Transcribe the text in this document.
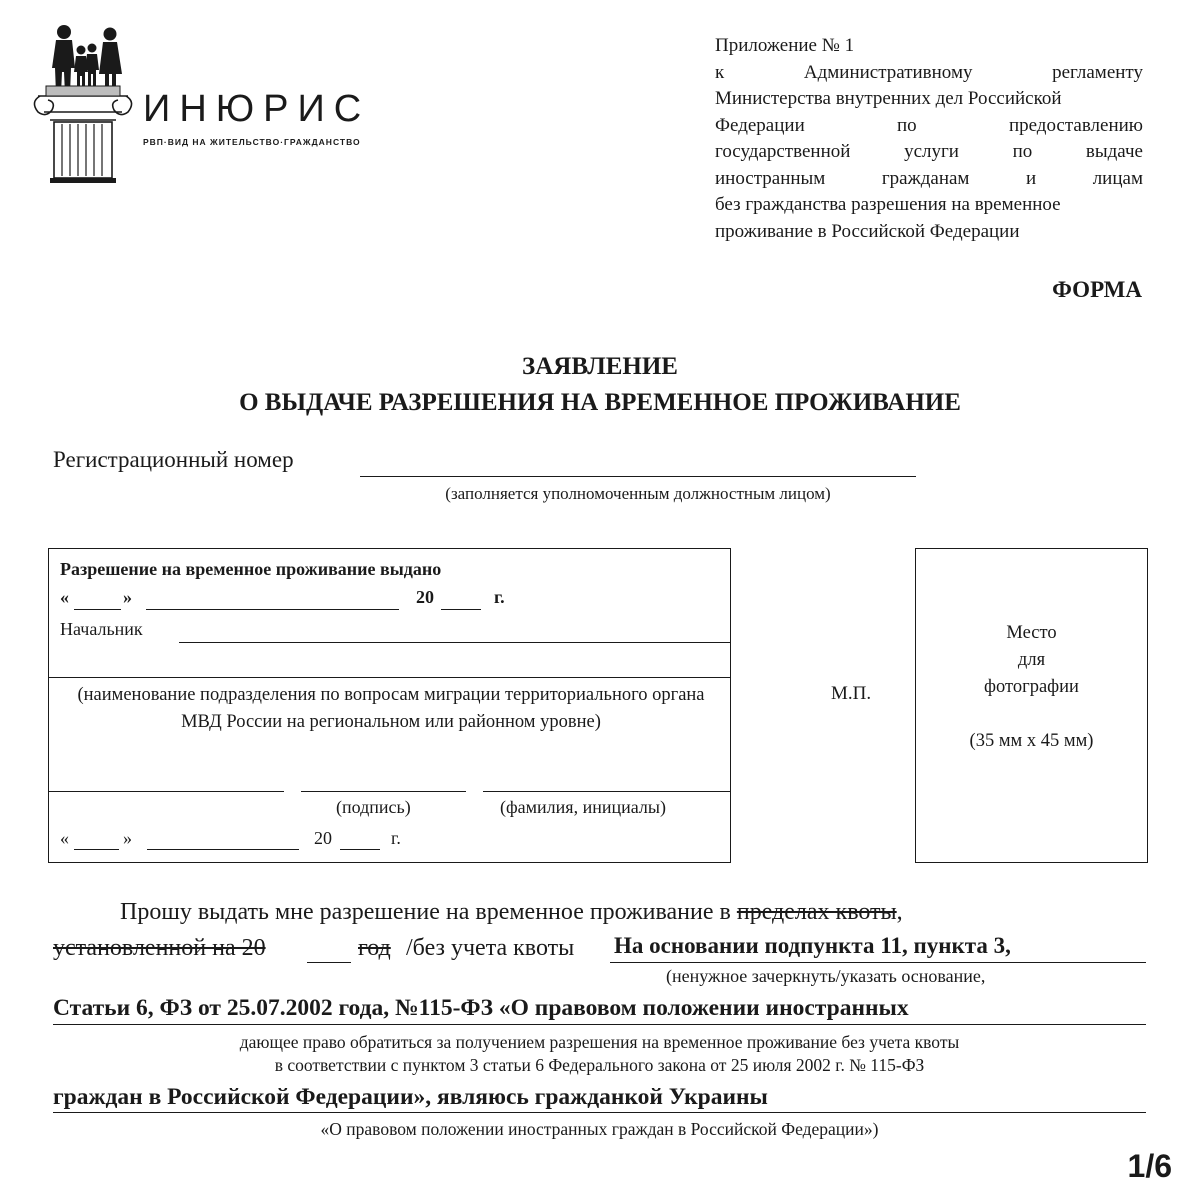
ИНЮРИС
РВП·ВИД НА ЖИТЕЛЬСТВО·ГРАЖДАНСТВО
Приложение № 1
к	Административному	регламенту
Министерства внутренних дел Российской
Федерации	по	предоставлению
государственной	услуги	по	выдаче
иностранным	гражданам	и	лицам
без гражданства разрешения на временное
проживание в Российской Федерации
ФОРМА
ЗАЯВЛЕНИЕ
О ВЫДАЧЕ РАЗРЕШЕНИЯ НА ВРЕМЕННОЕ ПРОЖИВАНИЕ
Регистрационный номер
(заполняется уполномоченным должностным лицом)
Разрешение на временное проживание выдано
«	»	20	г.
Начальник
(наименование подразделения по вопросам миграции территориального органа МВД России на региональном или районном уровне)
(подпись)	(фамилия, инициалы)
«	»	20	г.
М.П.
Место
для
фотографии
(35 мм х 45 мм)
Прошу выдать мне разрешение на временное проживание в пределах квоты,
установленной на 20	год /без учета квоты На основании подпункта 11, пункта 3,
(ненужное зачеркнуть/указать основание,
Статьи 6, ФЗ от 25.07.2002 года, №115-ФЗ «О правовом положении иностранных
дающее право обратиться за получением разрешения на временное проживание без учета квоты
в соответствии с пунктом 3 статьи 6 Федерального закона от 25 июля 2002 г. № 115-ФЗ
граждан в Российской Федерации», являюсь гражданкой Украины
«О правовом положении иностранных граждан в Российской Федерации»)
1/6
